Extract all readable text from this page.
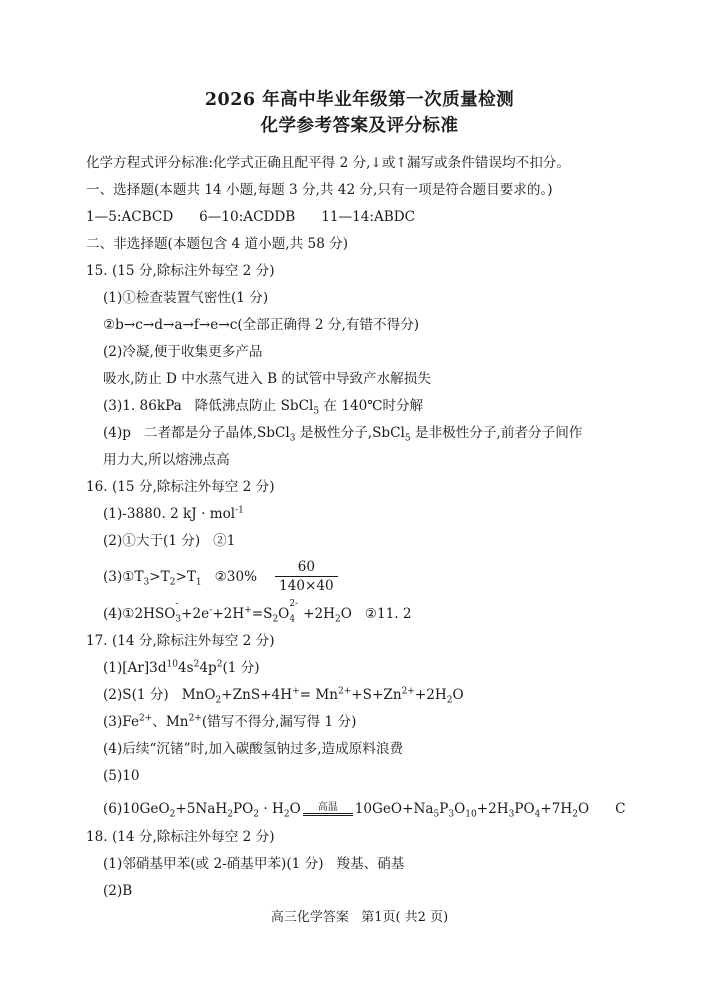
2026 年高中毕业年级第一次质量检测
化学参考答案及评分标准
化学方程式评分标准:化学式正确且配平得 2 分,↓或↑漏写或条件错误均不扣分。
一、选择题(本题共 14 小题,每题 3 分,共 42 分,只有一项是符合题目要求的。)
1—5:ACBCD      6—10:ACDDB      11—14:ABDC
二、非选择题(本题包含 4 道小题,共 58 分)
15. (15 分,除标注外每空 2 分)
(1)①检查装置气密性(1 分)
②b→c→d→a→f→e→c(全部正确得 2 分,有错不得分)
(2)冷凝,便于收集更多产品
吸水,防止 D 中水蒸气进入 B 的试管中导致产水解损失
(3)1. 86kPa   降低沸点防止 SbCl$_5$ 在 140℃时分解
(4)p   二者都是分子晶体,SbCl$_3$ 是极性分子,SbCl$_5$ 是非极性分子,前者分子间作
用力大,所以熔沸点高
16. (15 分,除标注外每空 2 分)
(1)-3880. 2 kJ · mol$^{-1}$
(2)①大于(1 分)   ②1
$(3)①T_3>T_2>T_1$   ②30% $\frac{60}{140\times 40}$
$(4)①2HSO_3$
-
$+2e^-+2H^+=S_2O_4$
2-
$+2H_2O$   ②11. 2
17. (14 分,除标注外每空 2 分)
$(1)[Ar]3d^{10}4s^24p^2(1$ 分)
(2)S(1 分)   $MnO_2+ZnS+4H^+= Mn^{2+}+S+Zn^{2+}+2H_2O$
$(3)Fe^{2+}$、$Mn^{2+}$(错写不得分,漏写得 1 分)
(4)后续“沉锗”时,加入碳酸氢钠过多,造成原料浪费
(5)10
$(6)10GeO_2+5NaH_2PO_2 \cdot H_2O$	高温	$10GeO+Na_5P_3O_{10}+2H_3PO_4+7H_2O$      C
18. (14 分,除标注外每空 2 分)
(1)邻硝基甲苯(或 2-硝基甲苯)(1 分)   羧基、硝基
(2)B
高三化学答案   第1页( 共2 页)
